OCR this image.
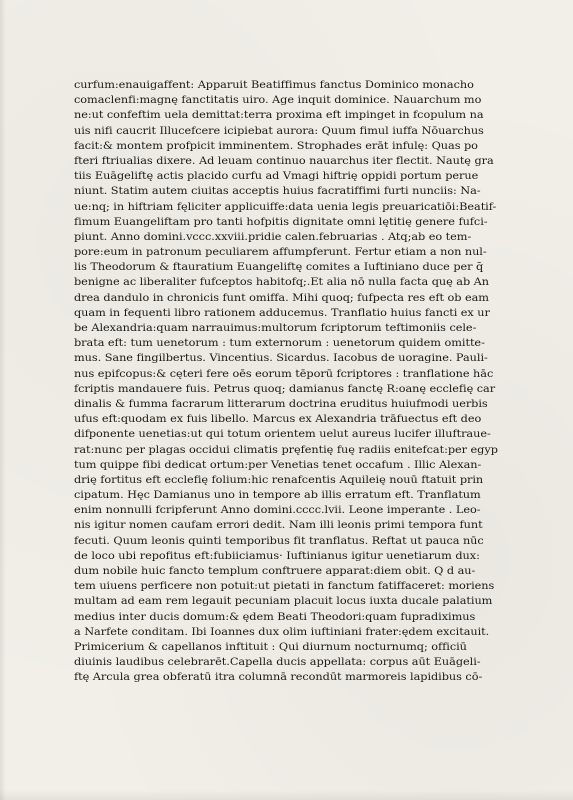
curfum:enauigaffent: Apparuit Beatiffimus fanctus Dominico monacho
comaclenfi:magnę fanctitatis uiro. Age inquit dominice. Nauarchum mo
ne:ut confeftim uela demittat:terra proxima eft impinget in fcopulum na
uis nifi caucrit Illucefcere icipiebat aurora: Quum fimul iuffa Nōuarchus
facit:& montem profpicit imminentem. Strophades erāt infulę: Quas po
fteri ftriualias dixere. Ad leuam continuo nauarchus iter flectit. Nautę gra
tiis Euāgeliftę actis placido curfu ad Vmagi hiftrię oppidi portum perue
niunt. Statim autem ciuitas acceptis huius facratiffimi furti nunciis: Na-
ue:nq; in hiftriam fęliciter applicuiffe:data uenia legis preuaricatiōi:Beatif-
fimum Euangeliftam pro tanti hofpitis dignitate omni lętitię genere fufci-
piunt. Anno domini.vccc.xxviii.pridie calen.februarias . Atq;ab eo tem-
pore:eum in patronum peculiarem affumpferunt. Fertur etiam a non nul-
lis Theodorum & ftauratium Euangeliftę comites a Iuftiniano duce per q̄
benigne ac liberaliter fufceptos habitofq;.Et alia nō nulla facta quę ab An
drea dandulo in chronicis funt omiffa. Mihi quoq; fufpecta res eft ob eam
quam in fequenti libro rationem adducemus. Tranflatio huius fancti ex ur
be Alexandria:quam narrauimus:multorum fcriptorum teftimoniis cele-
brata eft: tum uenetorum : tum externorum : uenetorum quidem omitte-
mus. Sane fingilbertus. Vincentius. Sicardus. Iacobus de uoragine. Pauli-
nus epifcopus:& cęteri fere oēs eorum tēporū fcriptores : tranflatione hāc
fcriptis mandauere fuis. Petrus quoq; damianus fanctę R:oanę ecclefię car
dinalis & fumma facrarum litterarum doctrina eruditus huiufmodi uerbis
ufus eft:quodam ex fuis libello. Marcus ex Alexandria trāfuectus eft deo
difponente uenetias:ut qui totum orientem uelut aureus lucifer illuftraue-
rat:nunc per plagas occidui climatis pręfentię fuę radiis enitefcat:per egyp
tum quippe fibi dedicat ortum:per Venetias tenet occafum . Illic Alexan-
drię fortitus eft ecclefię folium:hic renafcentis Aquileię nouū ftatuit prin
cipatum. Hęc Damianus uno in tempore ab illis erratum eft. Tranflatum
enim nonnulli fcripferunt Anno domini.cccc.lvii. Leone imperante . Leo-
nis igitur nomen caufam errori dedit. Nam illi leonis primi tempora funt
fecuti. Quum leonis quinti temporibus fit tranflatus. Reftat ut pauca nūc
de loco ubi repofitus eft:fubiiciamus· Iuftinianus igitur uenetiarum dux:
dum nobile huic fancto templum conftruere apparat:diem obit. Q d au-
tem uiuens perficere non potuit:ut pietati in fanctum fatiffaceret: moriens
multam ad eam rem legauit pecuniam placuit locus iuxta ducale palatium
medius inter ducis domum:& ędem Beati Theodori:quam fupradiximus
a Narfete conditam. Ibi Ioannes dux olim iuftiniani frater:ędem excitauit.
Primicerium & capellanos inftituit : Qui diurnum nocturnumq; officiū
diuinis laudibus celebrarēt.Capella ducis appellata: corpus aūt Euāgeli-
ftę Arcula grea obferatū itra columnā recondūt marmoreis lapidibus cō-
